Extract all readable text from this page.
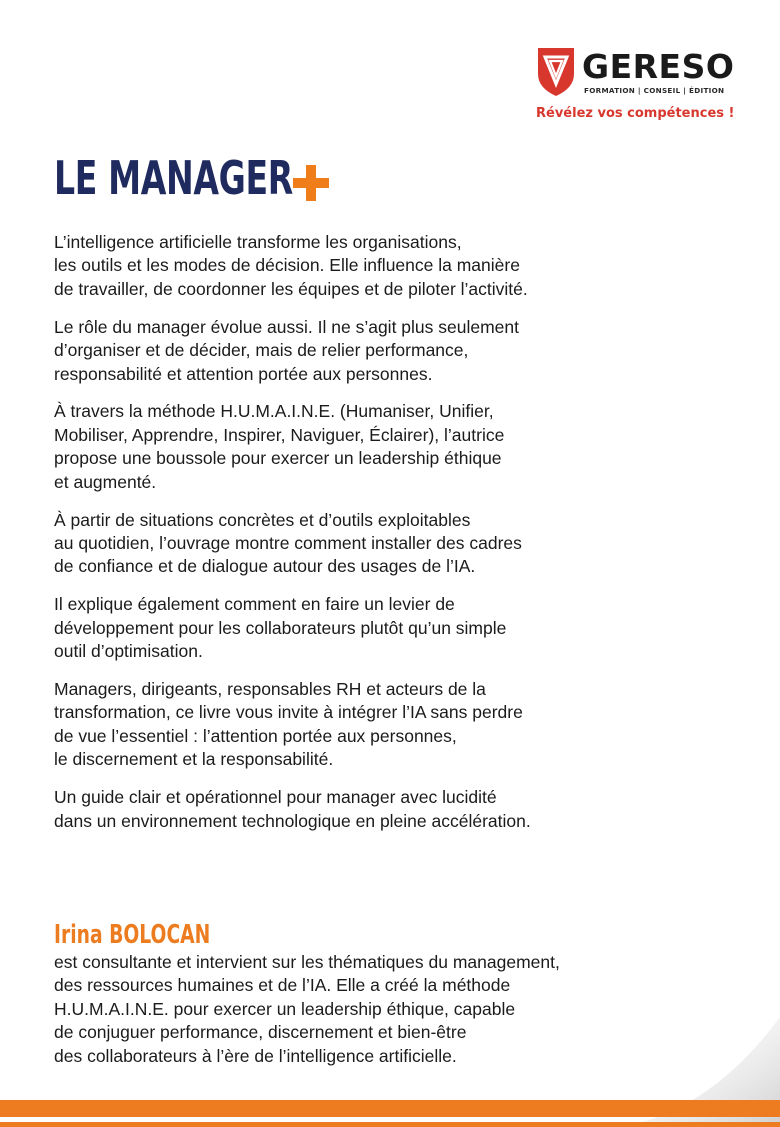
GERESO
FORMATION | CONSEIL | ÉDITION
Révélez vos compétences !
LE MANAGER

L’intelligence artificielle transforme les organisations,
les outils et les modes de décision. Elle influence la manière
de travailler, de coordonner les équipes et de piloter l’activité.

Le rôle du manager évolue aussi. Il ne s’agit plus seulement
d’organiser et de décider, mais de relier performance,
responsabilité et attention portée aux personnes.

À travers la méthode H.U.M.A.I.N.E. (Humaniser, Unifier,
Mobiliser, Apprendre, Inspirer, Naviguer, Éclairer), l’autrice
propose une boussole pour exercer un leadership éthique
et augmenté.

À partir de situations concrètes et d’outils exploitables
au quotidien, l’ouvrage montre comment installer des cadres
de confiance et de dialogue autour des usages de l’IA.

Il explique également comment en faire un levier de
développement pour les collaborateurs plutôt qu’un simple
outil d’optimisation.

Managers, dirigeants, responsables RH et acteurs de la
transformation, ce livre vous invite à intégrer l’IA sans perdre
de vue l’essentiel : l’attention portée aux personnes,
le discernement et la responsabilité.

Un guide clair et opérationnel pour manager avec lucidité
dans un environnement technologique en pleine accélération.

Irina BOLOCAN
est consultante et intervient sur les thématiques du management,
des ressources humaines et de l’IA. Elle a créé la méthode
H.U.M.A.I.N.E. pour exercer un leadership éthique, capable
de conjuguer performance, discernement et bien-être
des collaborateurs à l’ère de l’intelligence artificielle.
